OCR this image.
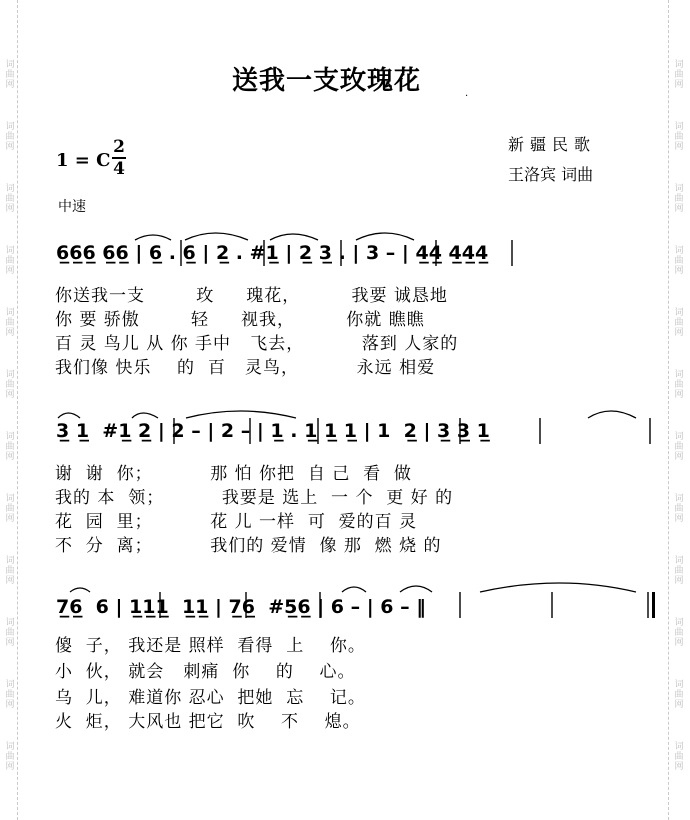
词
曲
网
词
曲
网
词
曲
网
词
曲
网
词
曲
网
词
曲
网
词
曲
网
词
曲
网
词
曲
网
词
曲
网
词
曲
网
词
曲
网
词
曲
网
词
曲
网
词
曲
网
词
曲
网
词
曲
网
词
曲
网
词
曲
网
词
曲
网
词
曲
网
词
曲
网
词
曲
网
词
曲
网
送我一支玫瑰花	.
新疆民歌
王洛宾 词曲
1 = C $\frac{2}{4}$
中速
6̲6̲6̲ 6̲6̲ | 6̲ . 6̲ | 2̲ . #1̲ | 2̲ 3̲ . | 3 – | 4̲4̲ 4̲4̲4̲
你送我一支        玫     瑰花，        我要 诚恳地
你 要 骄傲        轻     视我，        你就 瞧瞧
百 灵 鸟儿 从 你 手中   飞去，         落到 人家的
我们像 快乐    的  百   灵鸟，         永远 相爱
3̲ 1̲  #1̲ 2̲ | 2 – | 2 – | 1̲ . 1̲ 1̲ 1̲ | 1  2̲ | 3̲ 3̲ 1̲
谢  谢  你；         那 怕 你把  自 己  看  做
我的 本  领；         我要是 选上  一 个  更 好 的
花  园  里；         花 儿 一样  可  爱的百 灵
不  分  离；         我们的 爱情  像 那  燃 烧 的
7̲6̲  6 | 1̲1̲1̲  1̲1̲ | 7̲6̲  #5̲6̲ | 6 – | 6 – ‖
傻  子， 我还是 照样  看得  上    你。
小  伙， 就会   刺痛  你    的    心。
乌  儿， 难道你 忍心  把她  忘    记。
火  炬， 大风也 把它  吹    不    熄。
